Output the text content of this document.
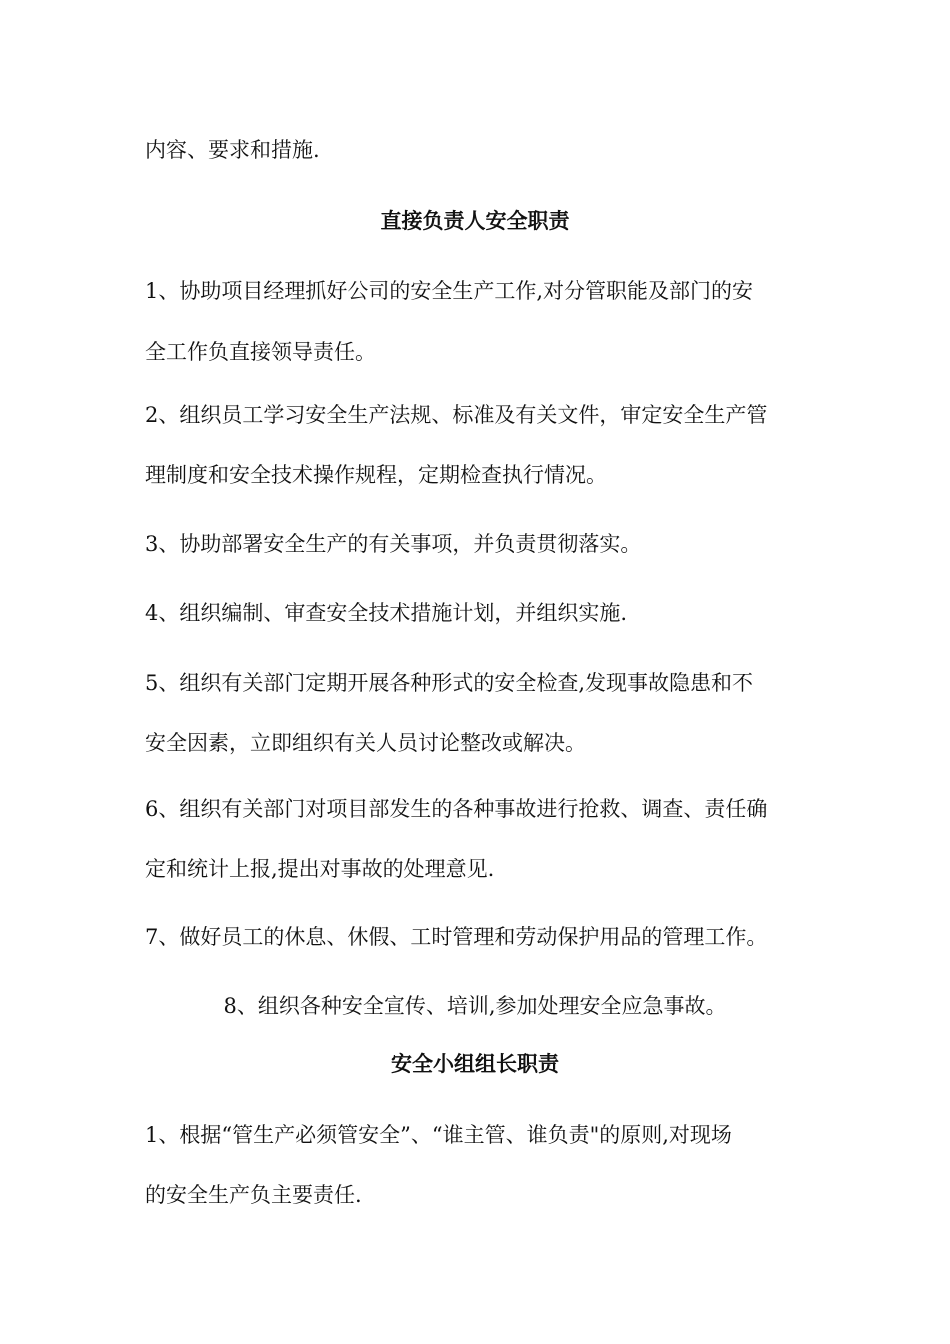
内容、要求和措施.
直接负责人安全职责
1、协助项目经理抓好公司的安全生产工作,对分管职能及部门的安
全工作负直接领导责任。
2、组织员工学习安全生产法规、标准及有关文件，审定安全生产管
理制度和安全技术操作规程，定期检查执行情况。
3、协助部署安全生产的有关事项，并负责贯彻落实。
4、组织编制、审查安全技术措施计划，并组织实施.
5、组织有关部门定期开展各种形式的安全检查,发现事故隐患和不
安全因素，立即组织有关人员讨论整改或解决。
6、组织有关部门对项目部发生的各种事故进行抢救、调查、责任确
定和统计上报,提出对事故的处理意见.
7、做好员工的休息、休假、工时管理和劳动保护用品的管理工作。
8、组织各种安全宣传、培训,参加处理安全应急事故。
安全小组组长职责
1、根据“管生产必须管安全”、“谁主管、谁负责"的原则,对现场
的安全生产负主要责任.
